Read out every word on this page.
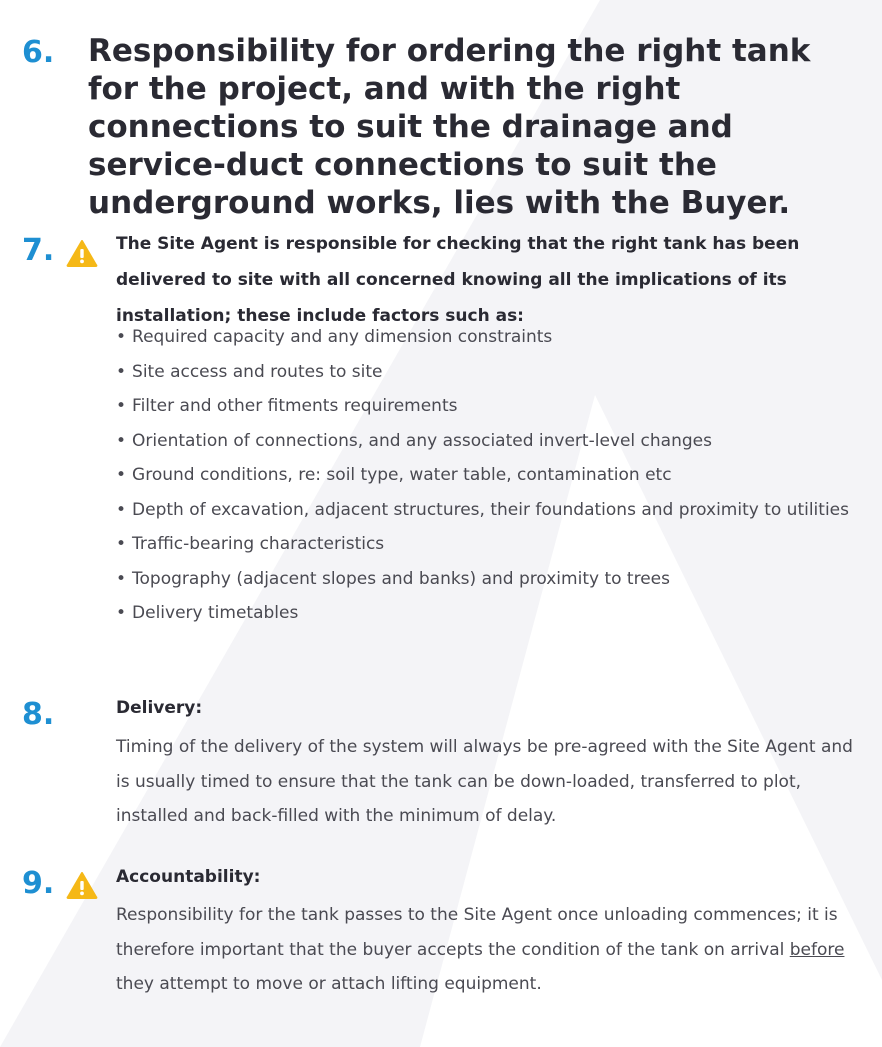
6. Responsibility for ordering the right tank for the project, and with the right connections to suit the drainage and service-duct connections to suit the underground works, lies with the Buyer.

7.	The Site Agent is responsible for checking that the right tank has been delivered to site with all concerned knowing all the implications of its installation; these include factors such as:

• Required capacity and any dimension constraints
• Site access and routes to site
• Filter and other fitments requirements
• Orientation of connections, and any associated invert-level changes
• Ground conditions, re: soil type, water table, contamination etc
• Depth of excavation, adjacent structures, their foundations and proximity to utilities
• Traffic-bearing characteristics
• Topography (adjacent slopes and banks) and proximity to trees
• Delivery timetables
8.	Delivery:

Timing of the delivery of the system will always be pre-agreed with the Site Agent and is usually timed to ensure that the tank can be down-loaded, transferred to plot, installed and back-filled with the minimum of delay.

9.	Accountability:

Responsibility for the tank passes to the Site Agent once unloading commences; it is therefore important that the buyer accepts the condition of the tank on arrival before they attempt to move or attach lifting equipment.
